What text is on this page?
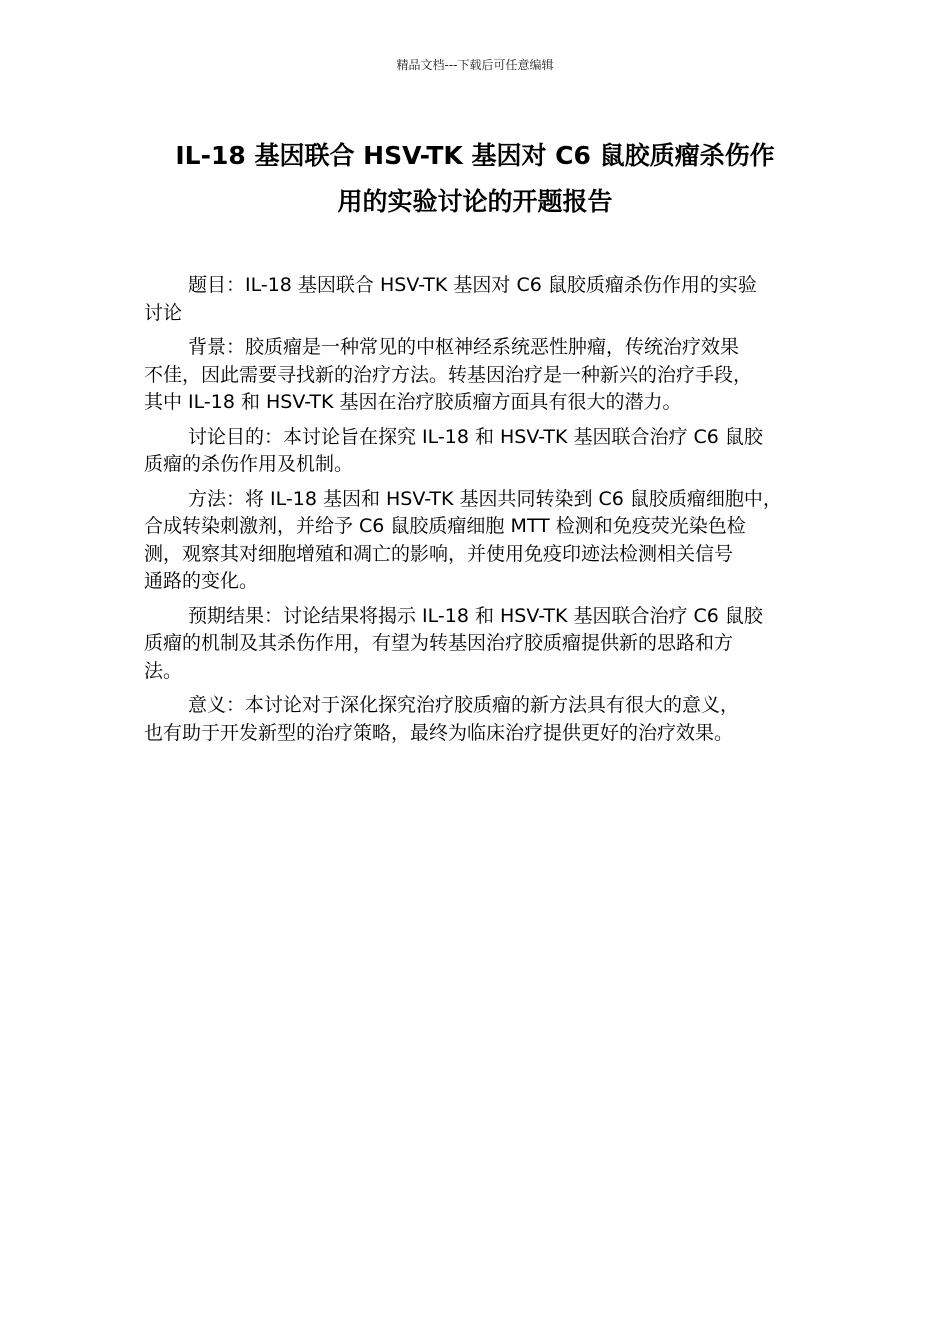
精品文档---下载后可任意编辑
IL-18 基因联合 HSV-TK 基因对 C6 鼠胶质瘤杀伤作
用的实验讨论的开题报告

题目：IL-18 基因联合 HSV-TK 基因对 C6 鼠胶质瘤杀伤作用的实验
讨论

背景：胶质瘤是一种常见的中枢神经系统恶性肿瘤，传统治疗效果
不佳，因此需要寻找新的治疗方法。转基因治疗是一种新兴的治疗手段，
其中 IL-18 和 HSV-TK 基因在治疗胶质瘤方面具有很大的潜力。

讨论目的：本讨论旨在探究 IL-18 和 HSV-TK 基因联合治疗 C6 鼠胶
质瘤的杀伤作用及机制。

方法：将 IL-18 基因和 HSV-TK 基因共同转染到 C6 鼠胶质瘤细胞中，
合成转染刺激剂，并给予 C6 鼠胶质瘤细胞 MTT 检测和免疫荧光染色检
测，观察其对细胞增殖和凋亡的影响，并使用免疫印迹法检测相关信号
通路的变化。

预期结果：讨论结果将揭示 IL-18 和 HSV-TK 基因联合治疗 C6 鼠胶
质瘤的机制及其杀伤作用，有望为转基因治疗胶质瘤提供新的思路和方
法。

意义：本讨论对于深化探究治疗胶质瘤的新方法具有很大的意义，
也有助于开发新型的治疗策略，最终为临床治疗提供更好的治疗效果。
